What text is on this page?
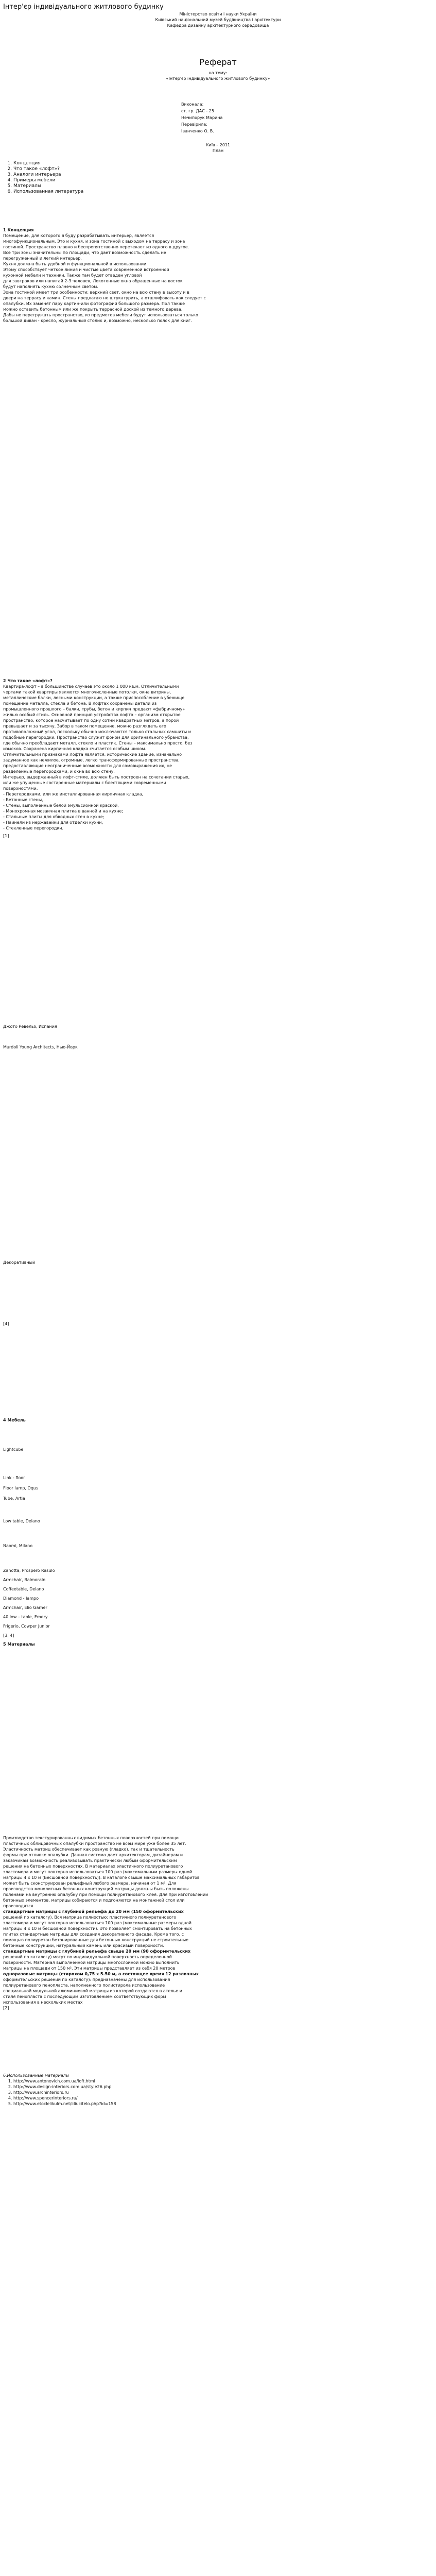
Інтер'єр індивідуального житлового будинку

Міністерство освіти і науки України

Київський національний музей будівництва і архітектури

Кафедра дизайну архітектурного середовища

Реферат

на тему:

«Інтер'єр індивідуального житлового будинку»

Виконала:

ст. гр. ДАС - 25

Нечипорук Марина

Перевірила:

Іванченко О. В.

Київ – 2011

План

1. Концепция
2. Что такое «лофт»?
3. Аналоги интерьера
4. Примеры мебели
5. Материалы
6. Использованная литература
1 Концепция

Помещение, для которого я буду разрабатывать интерьер, является

многофункциональным. Это и кухня, и зона гостиной с выходом на террасу и зона

гостиной. Пространство плавно и беспрепятственно перетекает из одного в другое.

Все три зоны значительны по площади, что дает возможность сделать не

перегруженный и легкий интерьер.

Кухня должна быть удобной и функциональной в использовании.

Этому способствует четкое линия и чистые цвета современной встроенной

кухонной мебели и техники. Также там будет отведен угловой

для завтраков или напитай 2-3 человек, Лекотонные окна обращенные на восток

будут наполнять кухню солнечным светом.

Зона гостиной имеет три особенности: верхний свет, окно на всю стену в высоту и в

двери на террасу и камин. Стены предлагаю не штукатурить, а отшлифовать как следует с

опалубки. Их заменят пару картин-или фотографий большого размера. Пол также

можно оставить бетонным или же покрыть террасной доской из темного дерева.

Дабы не перегружать пространство, из предметов мебели будут использоваться только

большой диван - кресло, журнальный столик и, возможно, несколько полок для книг.

2 Что такое «лофт»?

Квартира-лофт – в большинстве случаев это около 1 000 кв.м. Отличительными

чертами такой квартиры являются многочисленные потолки, окна витрины,

металлические балки, лесными конструкции, а также приспособление в убежище

помещение металла, стекла и бетона. В лофтах сохранены детали из

промышленного прошлого – балки, трубы, бетон и кирпич предают «фабричному»

жилью особый стиль. Основной принцип устройства лофта – организм открытое

пространство, которое насчитывает по одну сотни квадратных метров, а порой

превышает и за тысячу. Забор в таком помещение, можно разглядеть его

противоположный угол, поскольку обычно исключаются только стальных самшиты и

подобные перегородки. Пространство служит фоном для оригинального убранства,

где обычно преобладают металл, стекло и пластик. Стены – максимально просто, без

изысков. Сохранена кирпичная кладка считается особым шиком.

Отличительными признаками лофта является: исторические здание, изначально

задуманное как нежилое, огромные, легко трансформированные пространства,

предоставляющие неограниченные возможности для самовыражения их, не

разделенные перегородками, и окна во всю стену.

Интерьер, выдержанный в лофт-стиле, должен быть построен на сочетании старых,

или же упущенные состаренные материалы с блестящими современными

поверхностями:

- Перегородками, или же инсталлированная кирпичная кладка,

- Бетонные стены,

- Стены, выполненные белой эмульсионной краской,

- Монохромная мозаичная плитка в ванной и на кухне;

- Стальные плиты для обводных стен в кухне;

- Паинели из нержавейки для отделки кухни;

- Стекленные перегородки.

[1]

Джото Ревельз, Испания

Murdoli Young Architects, Нью-Йорк

Декоративный

[4]

4 Мебель

Lightcube

Link - floor

Floor lamp, Oqus

Tube, Artia

Low table, Delano

Naomi, Milano

Zanotta, Prospero Rasulo

Armchair, Balmoraln

Coffeetable, Delano

Diamond - lampo

Armchair, Elio Garner

40 low – table, Emery

Frigerio, Cowper Junior

[3, 4]

5 Материалы

Производство текстурированных видимых бетонных поверхностей при помощи

пластичных облицовочных опалубки пространство не всем мире уже более 35 лет.

Эластичность матриц обеспечивает как ровную (гладко), так и тщательность

формы при отливке опалубки. Данная система дает архитекторам, дизайнерам и

заказчикам возможность реализовывать практически любым оформительским

решения на бетонных поверхностях. В материалах эластичного полиуретанового

эластомера и могут повторно использоваться 100 раз (максимальным размеры одной

матрицы 4 x 10 м (Бесшовной поверхность)). В каталоге свыше максимальных габаритов

может быть сконструирован рельефный любого размера, начиная от 1 м². Для

производства монолитных бетонных конструкций матрицы должны быть положены

поленами на внутренню опалубку при помощи полиуретанового клея. Для при изготовлении

бетонных элементов, матрицы собираются и подгоняются на монтажной стол или

производятся

стандартные матрицы с глубиной рельефа до 20 мм (150 оформительских

решений по каталогу). Вся матрица полностью: пластичного полиуретанового

эластомера и могут повторно использоваться 100 раз (максимальные размеры одной

матрицы 4 x 10 м бесшовной поверхности). Это позволяет смонтировать на бетонных

плитах стандартные матрицы для создания декоративного фасада. Кроме того, с

помощью полиуретан бетонированные для бетонных конструкций не строительные

бетонные конструкции, натуральный камень или красивый поверхности.

стандартные матрицы с глубиной рельефа свыше 20 мм (90 оформительских

решений по каталогу) могут по индивидуальной поверхность определенной

поверхности. Материал выполненной матрицы многослойной можно выполнить

матрицы на площади от 150 м². Эти матрицы представляет из себя 20 метров

одноразовые матрицы (стирохом 0,75 x 5.50 м, а состоящее время 12 различных

оформительских решений по каталогу): предназначены для использования

полиуретанового пенопласта, наполненного полистирола использование

специальной модульной алюминиевой матрицы из которой создаются в ателье и

стиля пенопласта с последующим изготовлением соответствующих форм

использования в нескольких местах

[2]

6.Использованные материалы

1. http://www.antonovich.com.ua/loft.html
2. http://www.design-interiors.com.ua/style26.php
3. http://www.archinteriors.ru
4. http://www.spencerinteriors.ru/
5. http://www.etoclelikulm.net/cliucitelo.php?id=158
